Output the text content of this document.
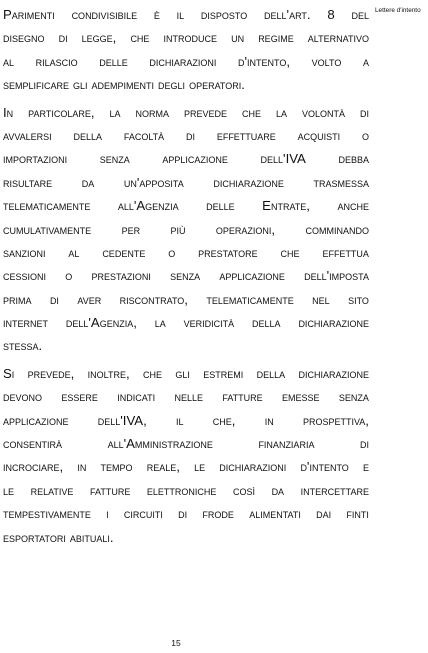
Lettere d'intento
Parimenti condivisibile è il disposto dell'art. 8 del
disegno di legge, che introduce un regime alternativo
al rilascio delle dichiarazioni d'intento, volto a
semplificare gli adempimenti degli operatori.
In particolare, la norma prevede che la volontà di
avvalersi della facoltà di effettuare acquisti o
importazioni senza applicazione dell'IVA debba
risultare da un'apposita dichiarazione trasmessa
telematicamente all'Agenzia delle Entrate, anche
cumulativamente per più operazioni, comminando
sanzioni al cedente o prestatore che effettua
cessioni o prestazioni senza applicazione dell'imposta
prima di aver riscontrato, telematicamente nel sito
internet dell'Agenzia, la veridicità della dichiarazione
stessa.
Si prevede, inoltre, che gli estremi della dichiarazione
devono essere indicati nelle fatture emesse senza
applicazione dell'IVA, il che, in prospettiva,
consentirà	all'Amministrazione	finanziaria	di
incrociare, in tempo reale, le dichiarazioni d'intento e
le relative fatture elettroniche così da intercettare
tempestivamente i circuiti di frode alimentati dai finti
esportatori abituali.
15
